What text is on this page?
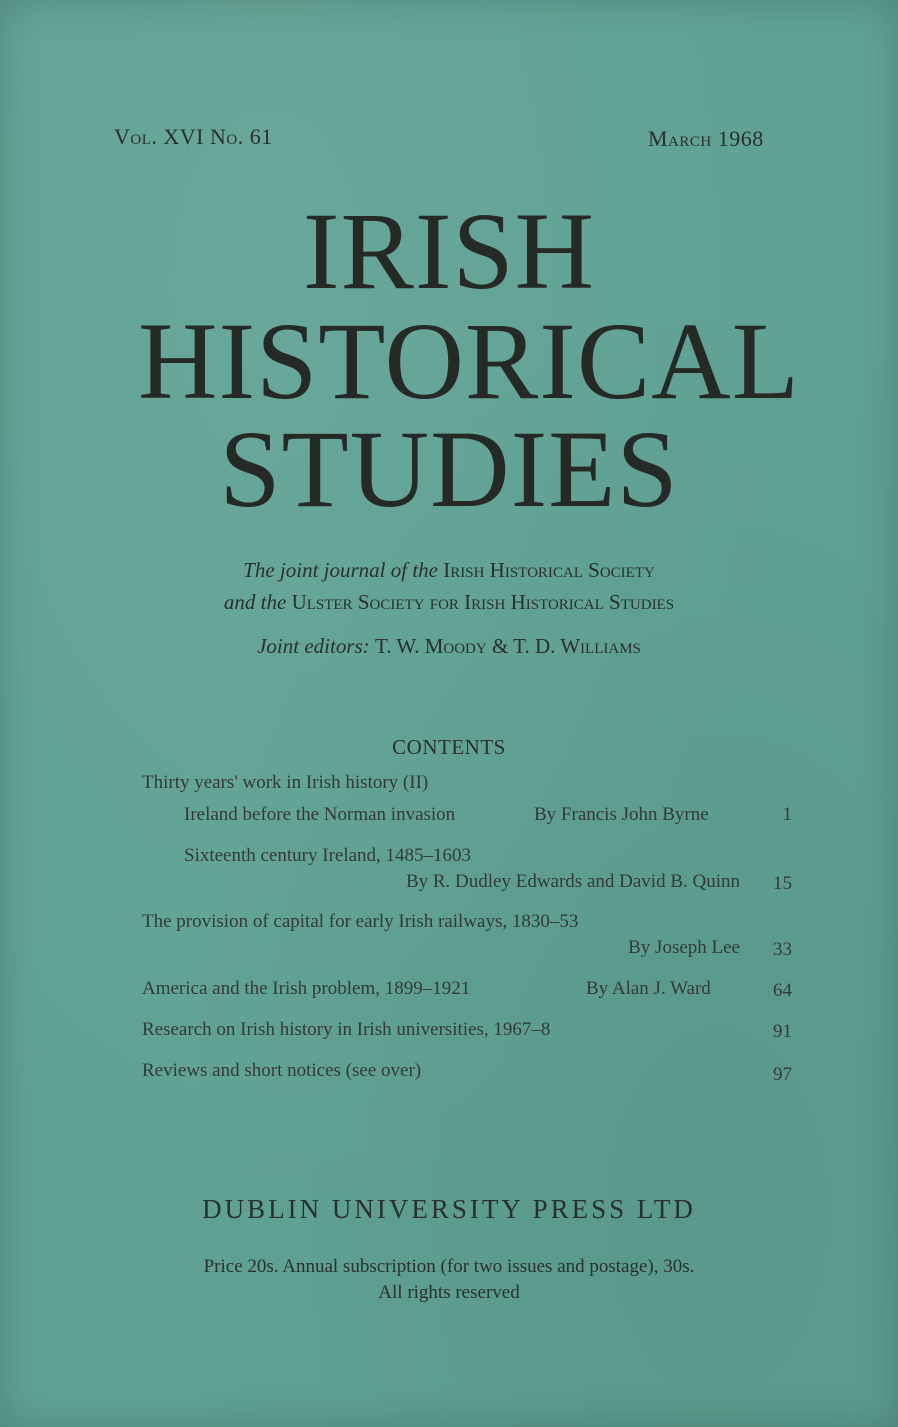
Vol. XVI No. 61	March 1968
IRISH
HISTORICAL
STUDIES
The joint journal of the Irish Historical Society
and the Ulster Society for Irish Historical Studies
Joint editors: T. W. Moody & T. D. Williams
CONTENTS
Thirty years' work in Irish history (II)
Ireland before the Norman invasion	By Francis John Byrne	1
Sixteenth century Ireland, 1485–1603
By R. Dudley Edwards and David B. Quinn	15
The provision of capital for early Irish railways, 1830–53
By Joseph Lee	33
America and the Irish problem, 1899–1921	By Alan J. Ward	64
Research on Irish history in Irish universities, 1967–8	91
Reviews and short notices (see over)	97
DUBLIN UNIVERSITY PRESS LTD
Price 20s. Annual subscription (for two issues and postage), 30s.
All rights reserved
